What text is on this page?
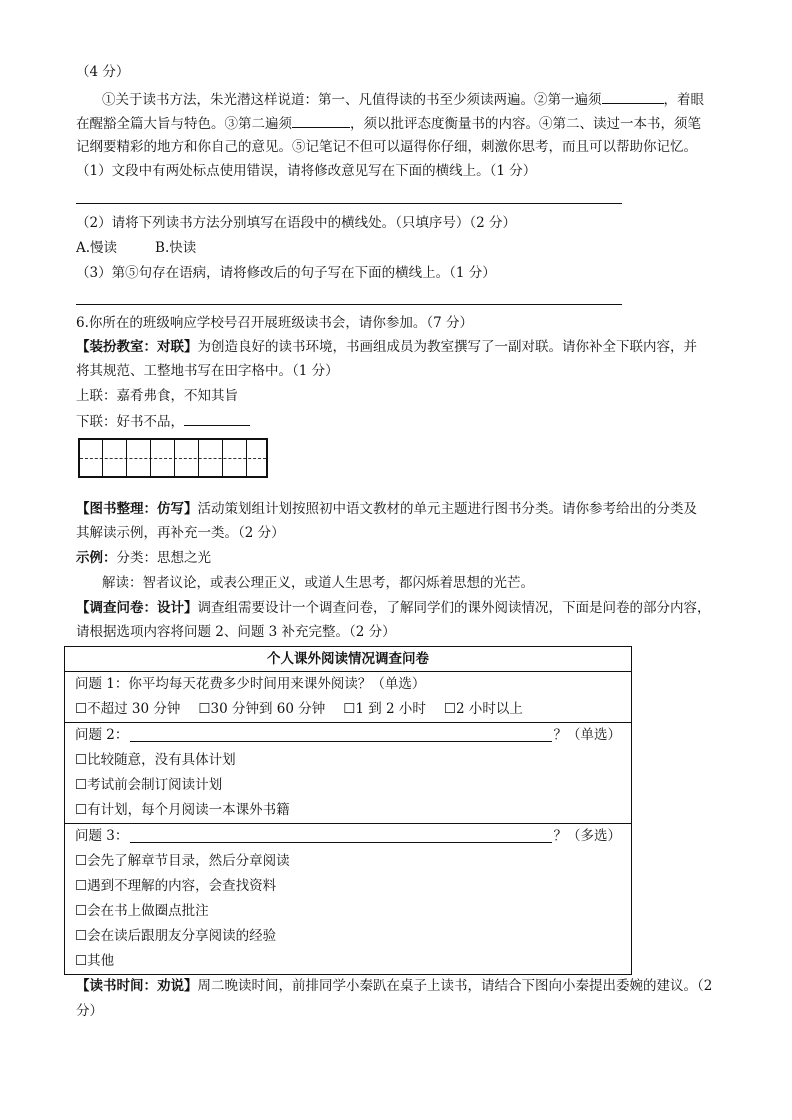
（4 分）
①关于读书方法，朱光潜这样说道：第一、凡值得读的书至少须读两遍。②第一遍须	，着眼
在醒豁全篇大旨与特色。③第二遍须	，须以批评态度衡量书的内容。④第二、读过一本书，须笔
记纲要精彩的地方和你自己的意见。⑤记笔记不但可以逼得你仔细，刺激你思考，而且可以帮助你记忆。
（1）文段中有两处标点使用错误，请将修改意见写在下面的横线上。（1 分）
（2）请将下列读书方法分别填写在语段中的横线处。（只填序号）（2 分）
A.慢读	B.快读
（3）第⑤句存在语病，请将修改后的句子写在下面的横线上。（1 分）
6.你所在的班级响应学校号召开展班级读书会，请你参加。（7 分）
【装扮教室：对联】为创造良好的读书环境，书画组成员为教室撰写了一副对联。请你补全下联内容，并
将其规范、工整地书写在田字格中。（1 分）
上联：嘉肴弗食，不知其旨
下联：好书不品，
【图书整理：仿写】活动策划组计划按照初中语文教材的单元主题进行图书分类。请你参考给出的分类及
其解读示例，再补充一类。（2 分）
示例：分类：思想之光
解读：智者议论，或表公理正义，或道人生思考，都闪烁着思想的光芒。
【调查问卷：设计】调查组需要设计一个调查问卷，了解同学们的课外阅读情况，下面是问卷的部分内容，
请根据选项内容将问题 2、问题 3 补充完整。（2 分）
个人课外阅读情况调查问卷

问题 1：你平均每天花费多少时间用来课外阅读？（单选）
☐不超过 30 分钟 ☐30 分钟到 60 分钟 ☐1 到 2 小时 ☐2 小时以上

问题 2：	？（单选）
☐比较随意，没有具体计划
☐考试前会制订阅读计划
☐有计划，每个月阅读一本课外书籍

问题 3：	？（多选）
☐会先了解章节目录，然后分章阅读
☐遇到不理解的内容，会查找资料
☐会在书上做圈点批注
☐会在读后跟朋友分享阅读的经验
☐其他
【读书时间：劝说】周二晚读时间，前排同学小秦趴在桌子上读书，请结合下图向小秦提出委婉的建议。（2
分）
